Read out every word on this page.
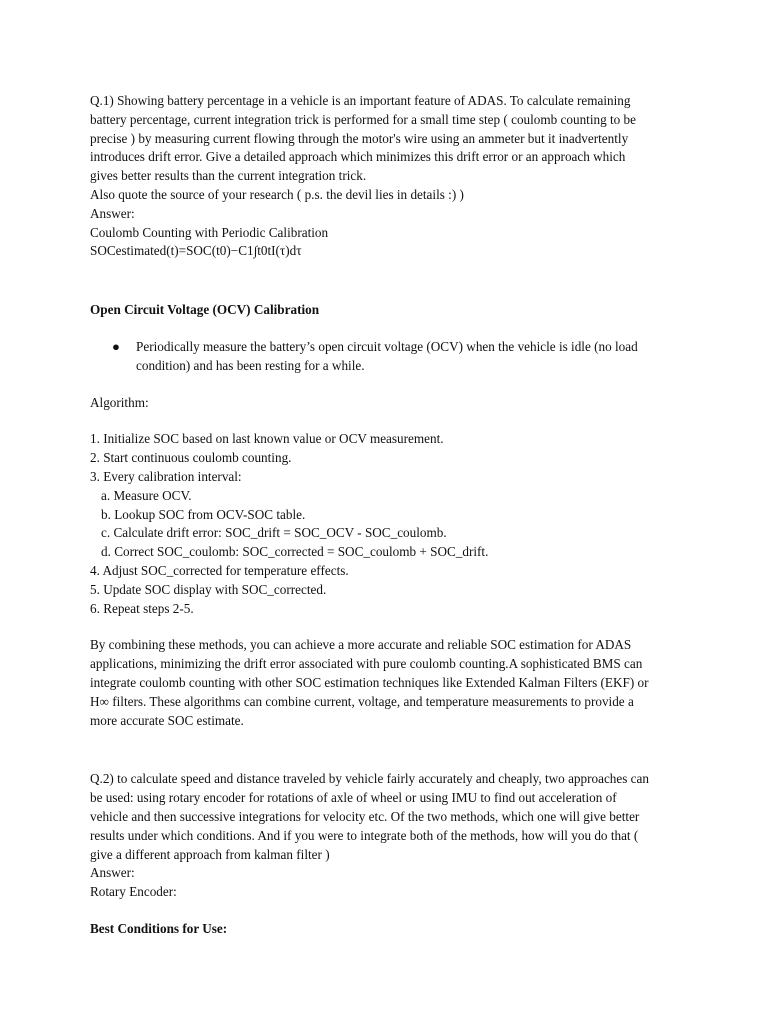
Q.1) Showing battery percentage in a vehicle is an important feature of ADAS. To calculate remaining
battery percentage, current integration trick is performed for a small time step ( coulomb counting to be
precise ) by measuring current flowing through the motor's wire using an ammeter but it inadvertently
introduces drift error. Give a detailed approach which minimizes this drift error or an approach which
gives better results than the current integration trick.
Also quote the source of your research ( p.s. the devil lies in details :) )
Answer:
Coulomb Counting with Periodic Calibration
SOCestimated(t)=SOC(t0)−C1∫t0tI(τ)dτ
Open Circuit Voltage (OCV) Calibration
● Periodically measure the battery’s open circuit voltage (OCV) when the vehicle is idle (no load
condition) and has been resting for a while.
Algorithm:
1. Initialize SOC based on last known value or OCV measurement.
2. Start continuous coulomb counting.
3. Every calibration interval:
a. Measure OCV.
b. Lookup SOC from OCV-SOC table.
c. Calculate drift error: SOC_drift = SOC_OCV - SOC_coulomb.
d. Correct SOC_coulomb: SOC_corrected = SOC_coulomb + SOC_drift.
4. Adjust SOC_corrected for temperature effects.
5. Update SOC display with SOC_corrected.
6. Repeat steps 2-5.
By combining these methods, you can achieve a more accurate and reliable SOC estimation for ADAS
applications, minimizing the drift error associated with pure coulomb counting.A sophisticated BMS can
integrate coulomb counting with other SOC estimation techniques like Extended Kalman Filters (EKF) or
H∞ filters. These algorithms can combine current, voltage, and temperature measurements to provide a
more accurate SOC estimate.
Q.2) to calculate speed and distance traveled by vehicle fairly accurately and cheaply, two approaches can
be used: using rotary encoder for rotations of axle of wheel or using IMU to find out acceleration of
vehicle and then successive integrations for velocity etc. Of the two methods, which one will give better
results under which conditions. And if you were to integrate both of the methods, how will you do that (
give a different approach from kalman filter )
Answer:
Rotary Encoder:
Best Conditions for Use:
